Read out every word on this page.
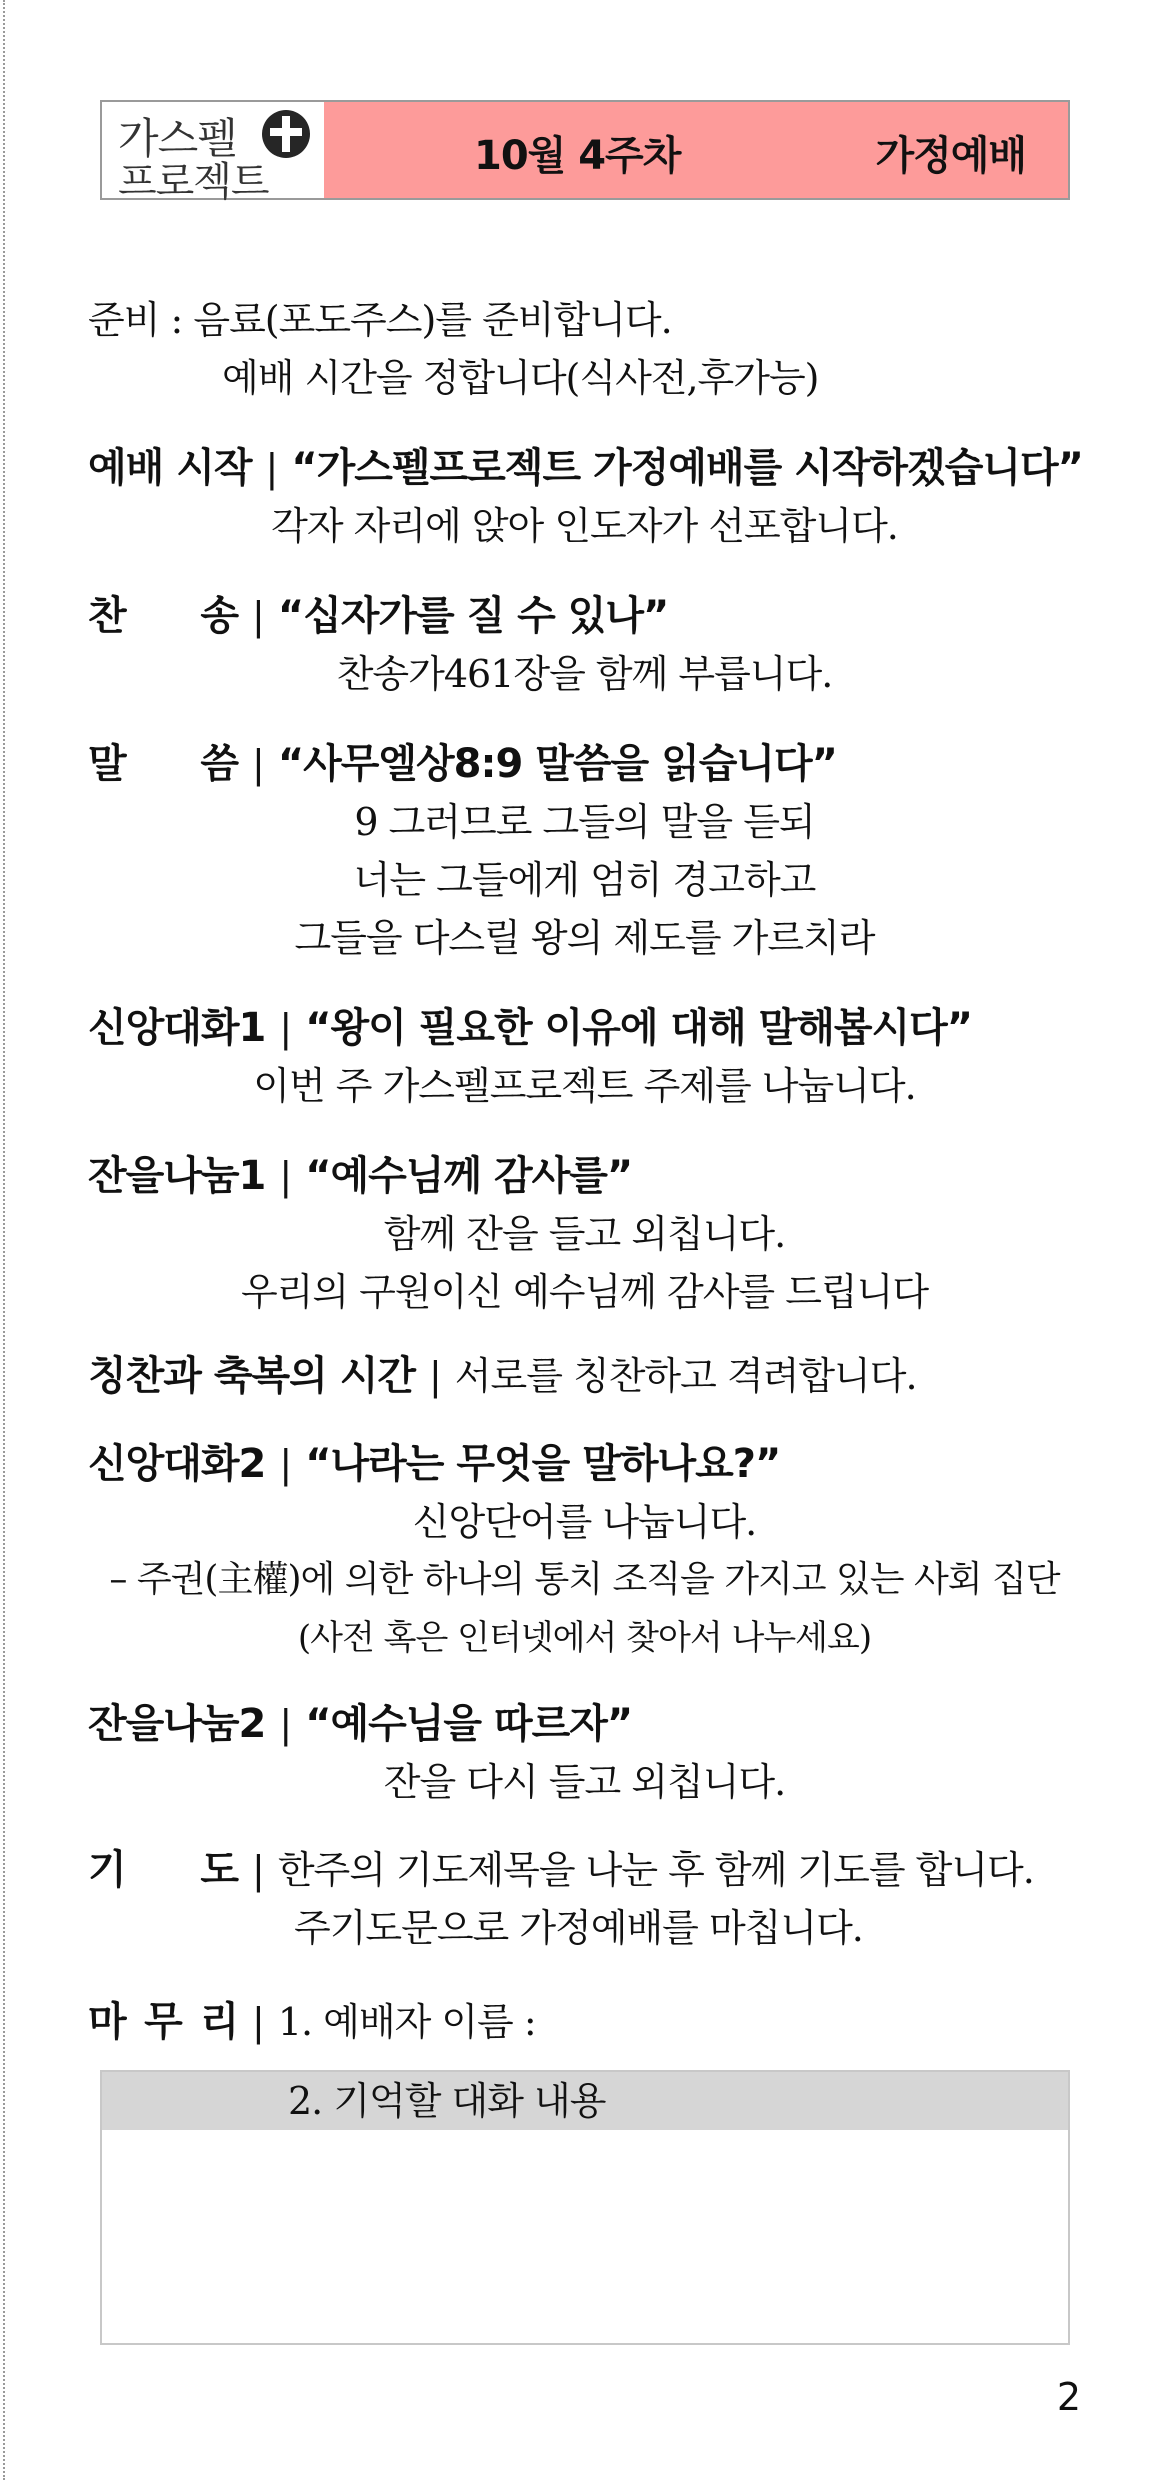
가스펠
프로젝트
10월 4주차	가정예배
준비 : 음료(포도주스)를 준비합니다.
예배 시간을 정합니다(식사전,후가능)
예배 시작 | “가스펠프로젝트 가정예배를 시작하겠습니다”
각자 자리에 앉아 인도자가 선포합니다.
찬 송 | “십자가를 질 수 있나”
찬송가461장을 함께 부릅니다.
말 씀 | “사무엘상8:9 말씀을 읽습니다”
9 그러므로 그들의 말을 듣되
너는 그들에게 엄히 경고하고
그들을 다스릴 왕의 제도를 가르치라
신앙대화1 | “왕이 필요한 이유에 대해 말해봅시다”
이번 주 가스펠프로젝트 주제를 나눕니다.
잔을나눔1 | “예수님께 감사를”
함께 잔을 들고 외칩니다.
우리의 구원이신 예수님께 감사를 드립니다
칭찬과 축복의 시간 | 서로를 칭찬하고 격려합니다.
신앙대화2 | “나라는 무엇을 말하나요?”
신앙단어를 나눕니다.
– 주권(主權)에 의한 하나의 통치 조직을 가지고 있는 사회 집단
(사전 혹은 인터넷에서 찾아서 나누세요)
잔을나눔2 | “예수님을 따르자”
잔을 다시 들고 외칩니다.
기 도 | 한주의 기도제목을 나눈 후 함께 기도를 합니다.
주기도문으로 가정예배를 마칩니다.
마 무 리 | 1. 예배자 이름 :
2. 기억할 대화 내용
2
